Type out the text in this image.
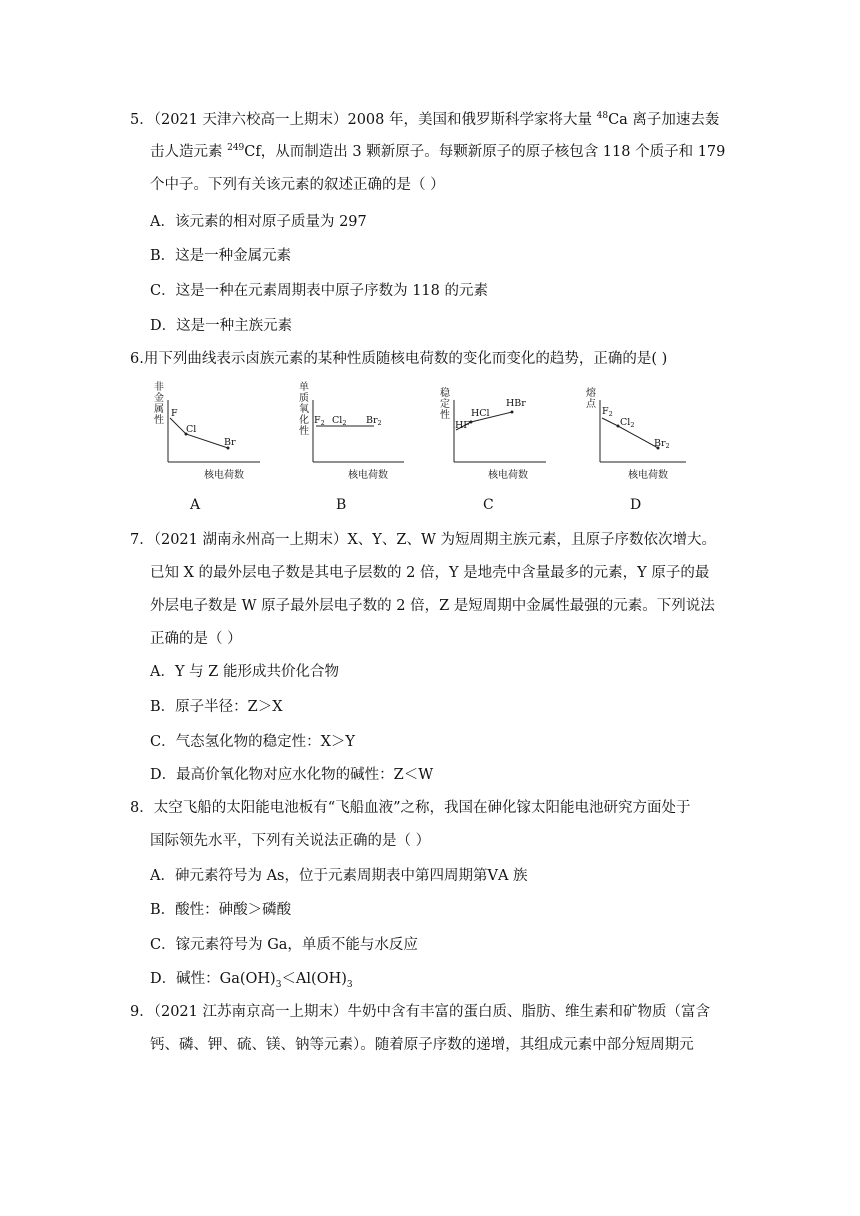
5．（2021 天津六校高一上期末）2008 年，美国和俄罗斯科学家将大量 $^{48}$Ca 离子加速去轰
击人造元素 $^{249}$Cf，从而制造出 3 颗新原子。每颗新原子的原子核包含 118 个质子和 179
个中子。下列有关该元素的叙述正确的是（ ）
A．该元素的相对原子质量为 297
B．这是一种金属元素
C．这是一种在元素周期表中原子序数为 118 的元素
D．这是一种主族元素
6.用下列曲线表示卤族元素的某种性质随核电荷数的变化而变化的趋势，正确的是( )
非
金
属
性
F
Cl
Br
核电荷数
单
质
氧
化
性
$F_2$ $Cl_2$ $Br_2$
核电荷数
稳
定
性
HF
HCl
HBr
核电荷数
熔
点
$F_2$
$Cl_2$
$Br_2$
核电荷数
A	B	C	D
7．（2021 湖南永州高一上期末）X、Y、Z、W 为短周期主族元素，且原子序数依次增大。
已知 X 的最外层电子数是其电子层数的 2 倍，Y 是地壳中含量最多的元素，Y 原子的最
外层电子数是 W 原子最外层电子数的 2 倍，Z 是短周期中金属性最强的元素。下列说法
正确的是（ ）
A．Y 与 Z 能形成共价化合物
B．原子半径：Z＞X
C．气态氢化物的稳定性：X＞Y
D．最高价氧化物对应水化物的碱性：Z＜W
8．太空飞船的太阳能电池板有“飞船血液”之称，我国在砷化镓太阳能电池研究方面处于
国际领先水平，下列有关说法正确的是（ ）
A．砷元素符号为 As，位于元素周期表中第四周期第ⅤA 族
B．酸性：砷酸＞磷酸
C．镓元素符号为 Ga，单质不能与水反应
D．碱性：$Ga(OH)_3<Al(OH)_3$
9．（2021 江苏南京高一上期末）牛奶中含有丰富的蛋白质、脂肪、维生素和矿物质（富含
钙、磷、钾、硫、镁、钠等元素）。随着原子序数的递增，其组成元素中部分短周期元
